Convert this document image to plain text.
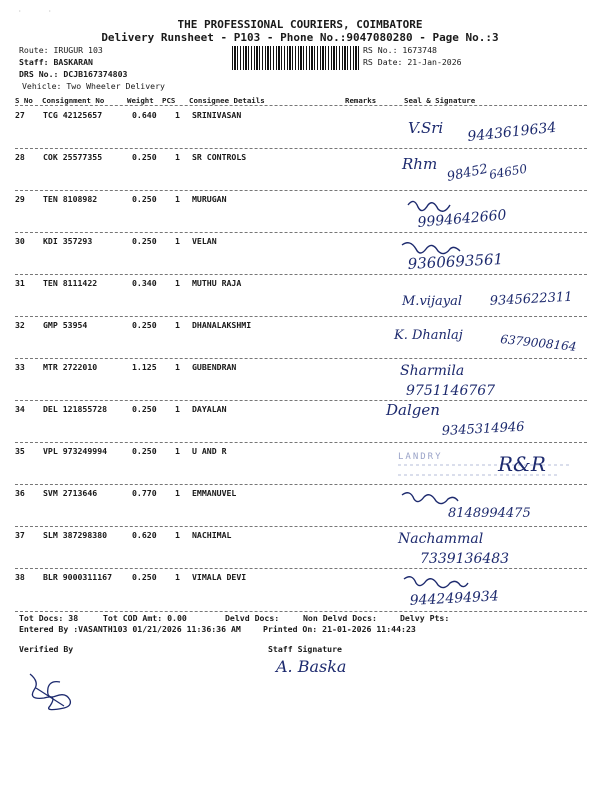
THE PROFESSIONAL COURIERS, COIMBATORE
Delivery Runsheet - P103 - Phone No.:9047080280 - Page No.:3
Route: IRUGUR 103
Staff: BASKARAN
DRS No.: DCJB167374803
Vehicle: Two Wheeler Delivery
RS No.: 1673748
RS Date: 21-Jan-2026
S No Consignment No	Weight PCS Consignee Details	Remarks	Seal & Signature
27 TCG 42125657	0.640 1 SRINIVASAN
V.Sri 9443619634
28 COK 25577355	0.250 1 SR CONTROLS	Rhm 98452
64650
29 TEN 8108982	0.250 1 MURUGAN
9994642660
30 KDI 357293	0.250 1 VELAN
9360693561
31 TEN 8111422	0.340 1 MUTHU RAJA
M.vijayal 9345622311
32 GMP 53954	0.250 1 DHANALAKSHMI
K. Dhanlaj	6379008164
33 MTR 2722010	1.125 1 GUBENDRAN	Sharmila
9751146767
34 DEL 121855728	0.250 1 DAYALAN	Dalgen
9345314946
35 VPL 973249994	0.250 1 U AND R
LANDRY	R&R
36 SVM 2713646	0.770 1 EMMANUVEL
8148994475
37 SLM 387298380	0.620 1 NACHIMAL	Nachammal
7339136483
38 BLR 9000311167 0.250 1 VIMALA DEVI
9442494934
Tot Docs: 38	Tot COD Amt: 0.00	Delvd Docs:	Non Delvd Docs:	Delvy Pts:
Entered By :VASANTH103 01/21/2026 11:36:36 AM	Printed On: 21-01-2026 11:44:23
Verified By	Staff Signature
A. Baska
·	·
